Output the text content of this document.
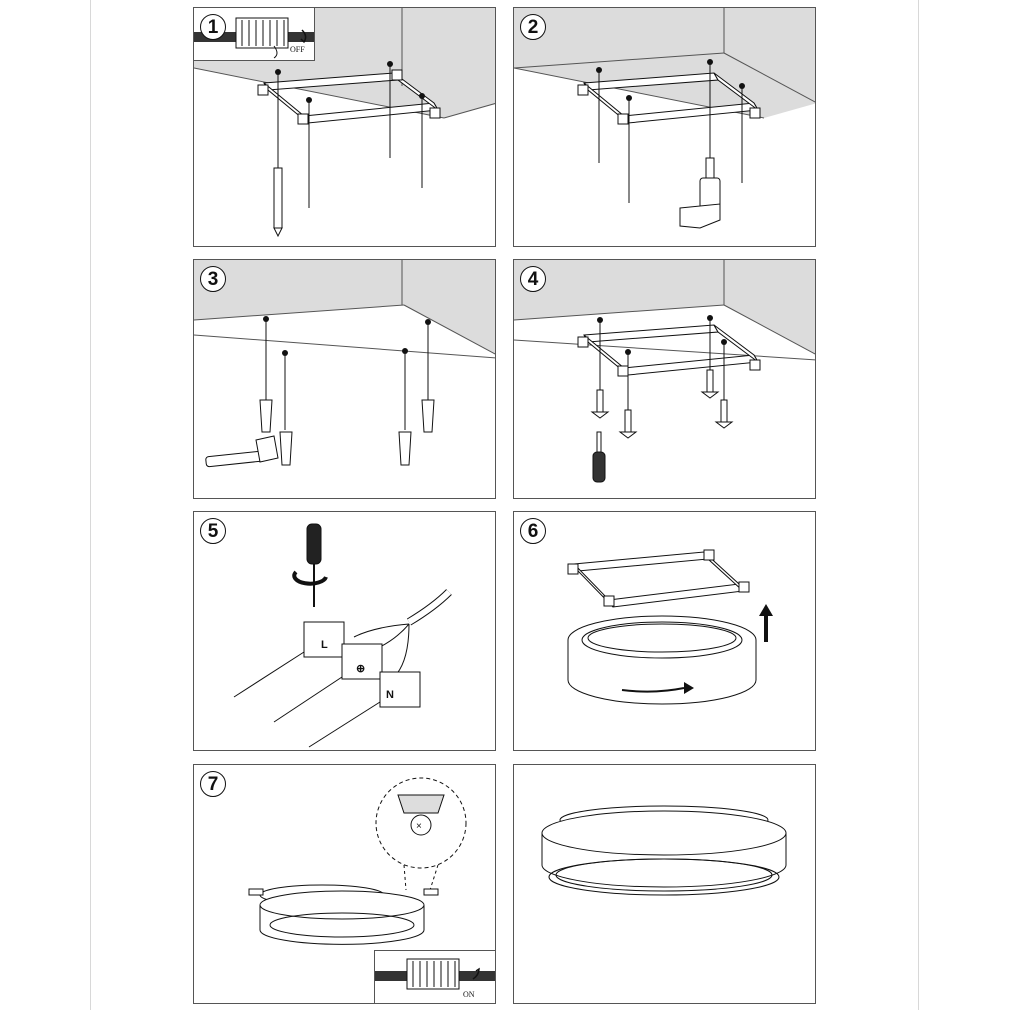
OFF
1	2
3	4
L
⊕
N
5	6
×
ON
7
